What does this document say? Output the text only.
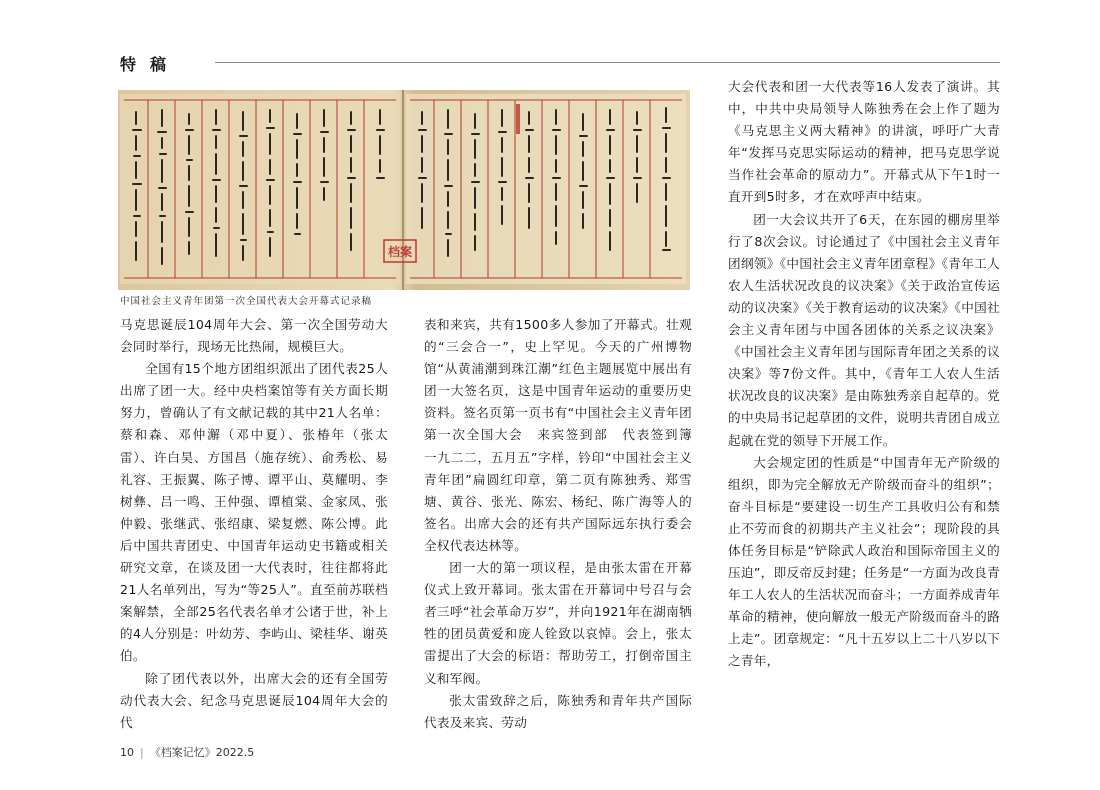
特稿
档案
中国社会主义青年团第一次全国代表大会开幕式记录稿

马克思诞辰104周年大会、第一次全国劳动大会同时举行，现场无比热闹，规模巨大。

全国有15个地方团组织派出了团代表25人出席了团一大。经中央档案馆等有关方面长期努力，曾确认了有文献记载的其中21人名单：蔡和森、邓仲澥（邓中夏）、张椿年（张太雷）、许白昊、方国昌（施存统）、俞秀松、易礼容、王振翼、陈子博、谭平山、莫耀明、李树彝、吕一鸣、王仲强、谭植棠、金家凤、张仲毅、张继武、张绍康、梁复燃、陈公博。此后中国共青团史、中国青年运动史书籍或相关研究文章，在谈及团一大代表时，往往都将此21人名单列出，写为“等25人”。直至前苏联档案解禁，全部25名代表名单才公诸于世，补上的4人分别是：叶幼芳、李屿山、梁桂华、谢英伯。

除了团代表以外，出席大会的还有全国劳动代表大会、纪念马克思诞辰104周年大会的代

表和来宾，共有1500多人参加了开幕式。壮观的“三会合一”，史上罕见。今天的广州博物馆“从黄浦潮到珠江潮”红色主题展览中展出有团一大签名页，这是中国青年运动的重要历史资料。签名页第一页书有“中国社会主义青年团第一次全国大会　来宾签到部　代表签到簿　一九二二，五月五”字样，钤印“中国社会主义青年团”扁圆红印章，第二页有陈独秀、郑雪塘、黄谷、张光、陈宏、杨纪、陈广海等人的签名。出席大会的还有共产国际远东执行委会全权代表达林等。

团一大的第一项议程，是由张太雷在开幕仪式上致开幕词。张太雷在开幕词中号召与会者三呼“社会革命万岁”，并向1921年在湖南牺牲的团员黄爱和庞人铨致以哀悼。会上，张太雷提出了大会的标语：帮助劳工，打倒帝国主义和军阀。

张太雷致辞之后，陈独秀和青年共产国际代表及来宾、劳动

大会代表和团一大代表等16人发表了演讲。其中，中共中央局领导人陈独秀在会上作了题为《马克思主义两大精神》的讲演，呼吁广大青年“发挥马克思实际运动的精神，把马克思学说当作社会革命的原动力”。开幕式从下午1时一直开到5时多，才在欢呼声中结束。

团一大会议共开了6天，在东园的棚房里举行了8次会议。讨论通过了《中国社会主义青年团纲领》《中国社会主义青年团章程》《青年工人农人生活状况改良的议决案》《关于政治宣传运动的议决案》《关于教育运动的议决案》《中国社会主义青年团与中国各团体的关系之议决案》《中国社会主义青年团与国际青年团之关系的议决案》等7份文件。其中，《青年工人农人生活状况改良的议决案》是由陈独秀亲自起草的。党的中央局书记起草团的文件，说明共青团自成立起就在党的领导下开展工作。

大会规定团的性质是“中国青年无产阶级的组织，即为完全解放无产阶级而奋斗的组织”；奋斗目标是“要建设一切生产工具收归公有和禁止不劳而食的初期共产主义社会”；现阶段的具体任务目标是“铲除武人政治和国际帝国主义的压迫”，即反帝反封建；任务是“一方面为改良青年工人农人的生活状况而奋斗；一方面养成青年革命的精神，使向解放一般无产阶级而奋斗的路上走”。团章规定：“凡十五岁以上二十八岁以下之青年，

10 | 《档案记忆》2022.5
